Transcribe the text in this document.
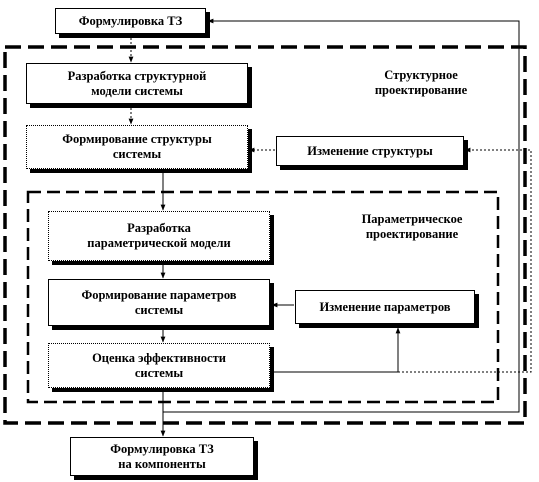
Формулировка ТЗ
Разработка структурной
модели системы
Формирование структуры
системы	Изменение структуры
Структурное
проектирование
Параметрическое
проектирование
Разработка
параметрической модели
Формирование параметров
системы	Изменение параметров
Оценка эффективности
системы
Формулировка ТЗ
на компоненты
